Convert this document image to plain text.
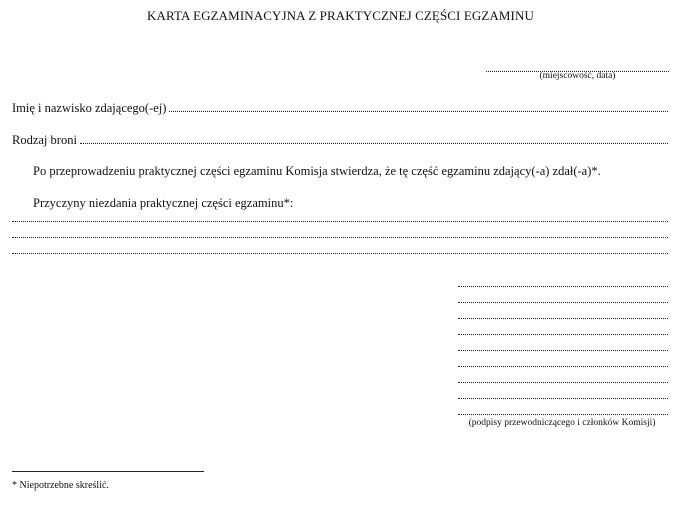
KARTA EGZAMINACYJNA Z PRAKTYCZNEJ CZĘŚCI EGZAMINU
(miejscowość, data)
Imię i nazwisko zdającego(-ej)
Rodzaj broni
Po przeprowadzeniu praktycznej części egzaminu Komisja stwierdza, że tę część egzaminu zdający(-a) zdał(-a)*.
Przyczyny niezdania praktycznej części egzaminu*:
(podpisy przewodniczącego i członków Komisji)
* Niepotrzebne skreślić.
